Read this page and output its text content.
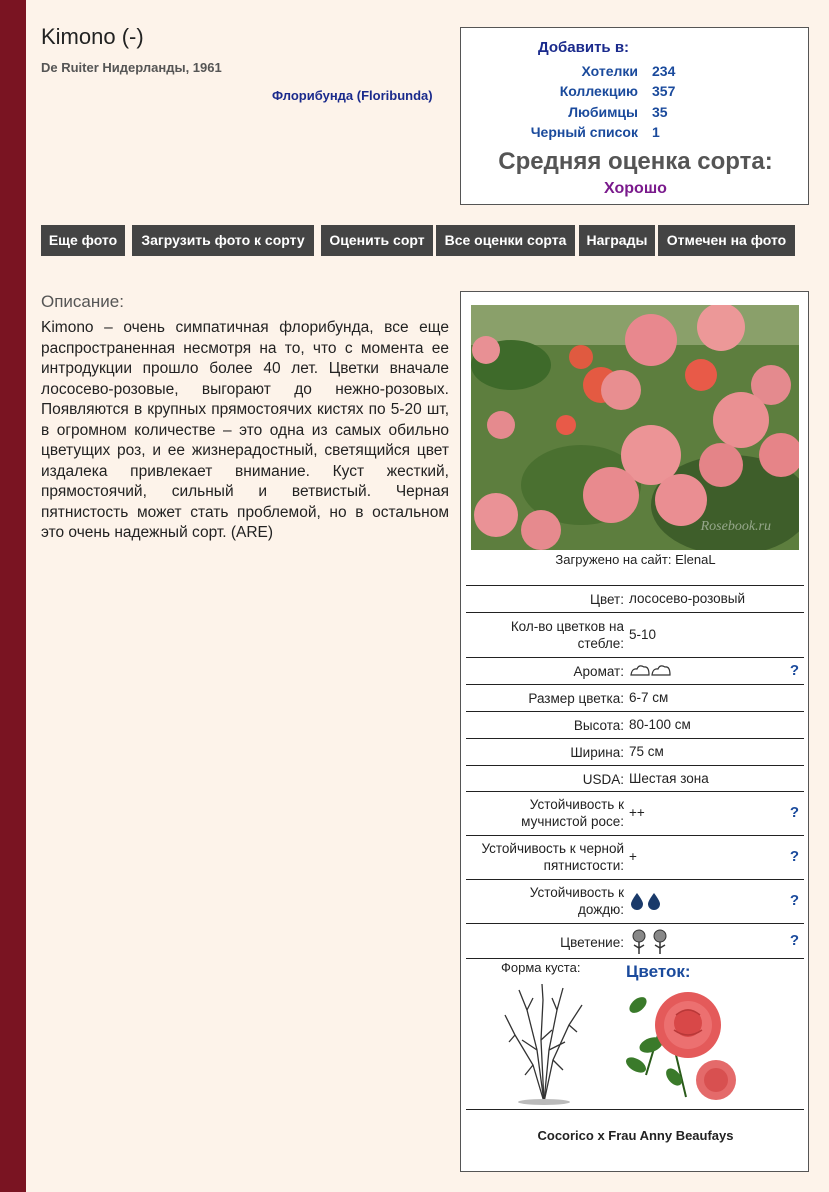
Kimono (-)
De Ruiter Нидерланды, 1961
Флорибунда (Floribunda)
Добавить в:
Хотелки 234
Коллекцию 357
Любимцы 35
Черный список 1
Средняя оценка сорта:
Хорошо
Еще фото	Загрузить фото к сорту	Оценить сорт	Все оценки сорта	Награды	Отмечен на фото
Описание:
Kimono – очень симпатичная флорибунда, все еще распространенная несмотря на то, что с момента ее интродукции прошло более 40 лет. Цветки вначале лососево-розовые, выгорают до нежно-розовых. Появляются в крупных прямостоячих кистях по 5-20 шт, в огромном количестве – это одна из самых обильно цветущих роз, и ее жизнерадостный, светящийся цвет издалека привлекает внимание. Куст жесткий, прямостоячий, сильный и ветвистый. Черная пятнистость может стать проблемой, но в остальном это очень надежный сорт. (ARE)	Rosebook.ru
Загружено на сайт: ElenaL
Цвет: лососево-розовый
Кол-во цветков на стебле:
5-10
Аромат:	?
Размер цветка: 6-7 см
Высота: 80-100 см
Ширина: 75 см
USDA: Шестая зона
Устойчивость к мучнистой росе:
++	?
Устойчивость к черной пятнистости:
+	?
Устойчивость к дождю:
?
Цветение:	?
Форма куста:	Цветок:
Cocorico x Frau Anny Beaufays
